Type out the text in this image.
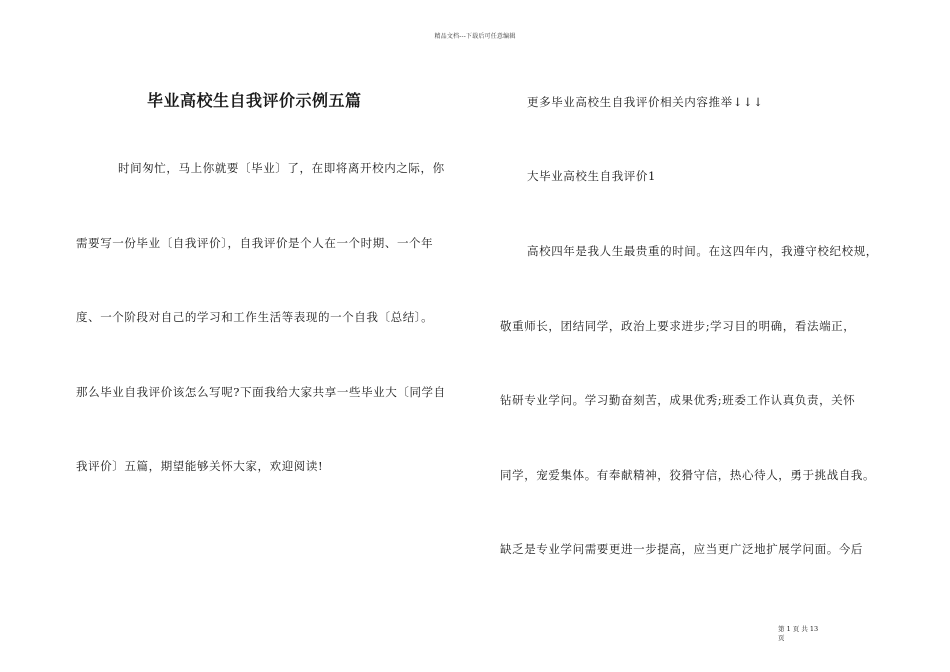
精品文档---下载后可任意编辑
毕业高校生自我评价示例五篇
时间匆忙，马上你就要〔毕业〕了，在即将离开校内之际，你
需要写一份毕业〔自我评价〕，自我评价是个人在一个时期、一个年
度、一个阶段对自己的学习和工作生活等表现的一个自我〔总结〕。
那么毕业自我评价该怎么写呢?下面我给大家共享一些毕业大〔同学自
我评价〕五篇，期望能够关怀大家，欢迎阅读!
更多毕业高校生自我评价相关内容推举↓↓↓
大毕业高校生自我评价1
高校四年是我人生最贵重的时间。在这四年内，我遵守校纪校规，
敬重师长，团结同学，政治上要求进步;学习目的明确，看法端正，
钻研专业学问。学习勤奋刻苦，成果优秀;班委工作认真负责，关怀
同学，宠爱集体。有奉献精神，狡猾守信，热心待人，勇于挑战自我。
缺乏是专业学问需要更进一步提高，应当更广泛地扩展学问面。今后
第 1 页 共 13
页
